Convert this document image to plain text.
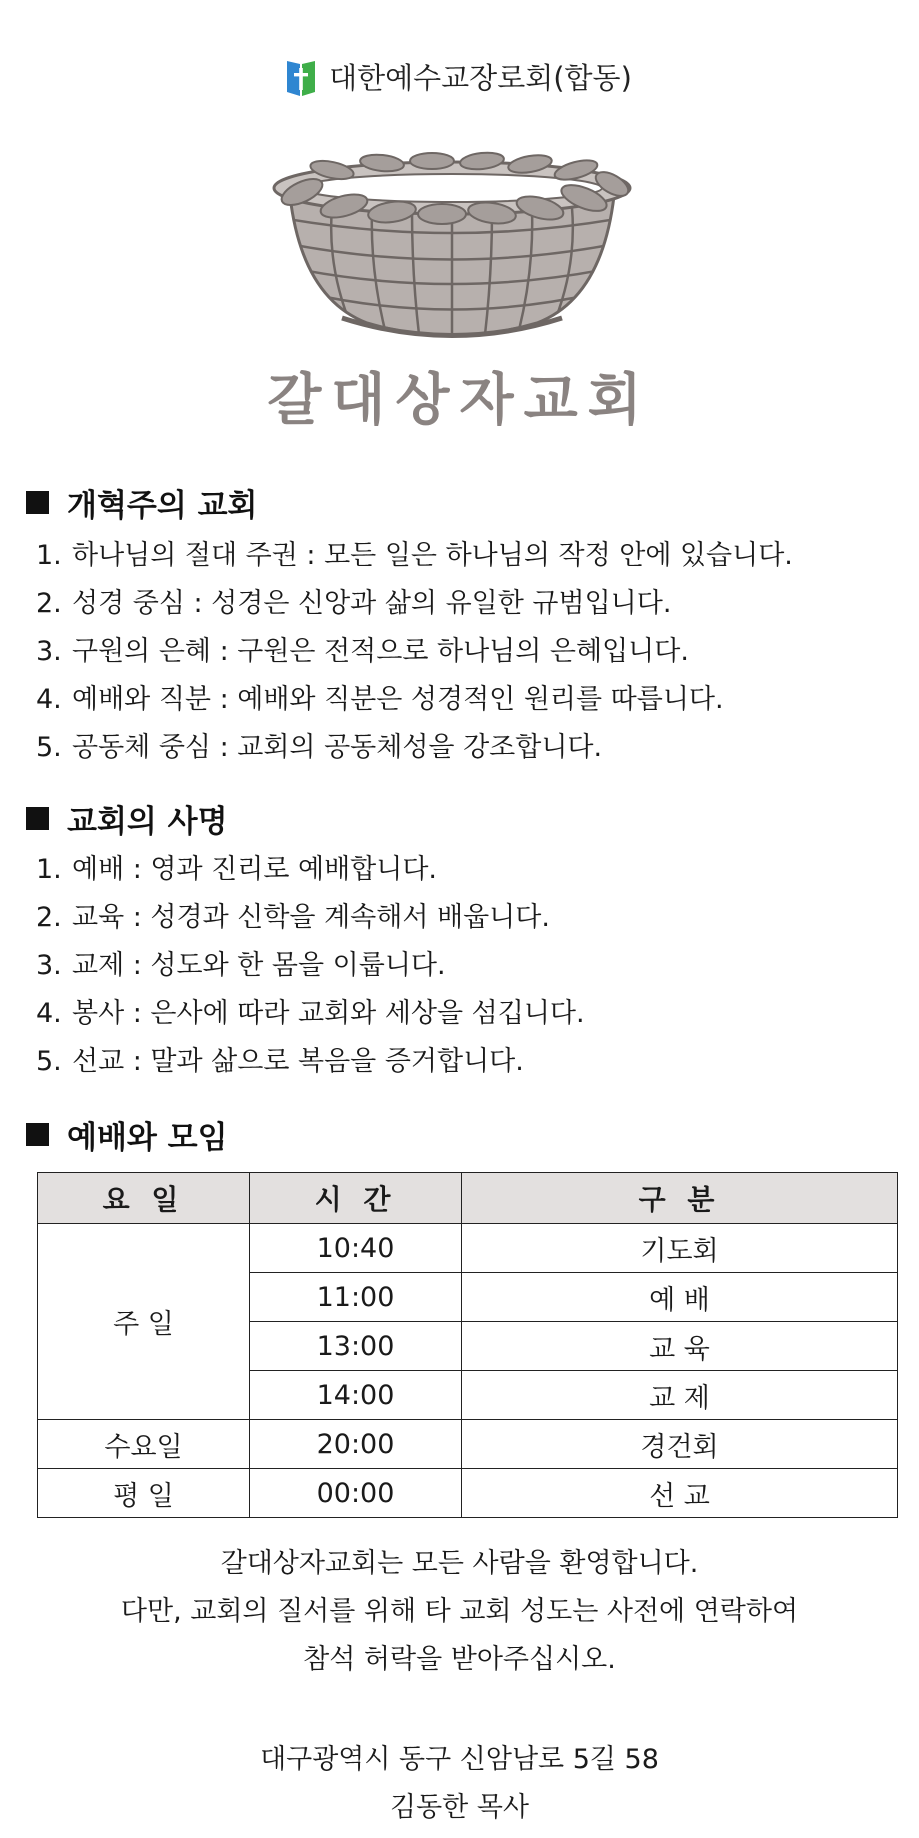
대한예수교장로회(합동)
갈대상자교회
개혁주의 교회
1. 하나님의 절대 주권 : 모든 일은 하나님의 작정 안에 있습니다.
2. 성경 중심 : 성경은 신앙과 삶의 유일한 규범입니다.
3. 구원의 은혜 : 구원은 전적으로 하나님의 은혜입니다.
4. 예배와 직분 : 예배와 직분은 성경적인 원리를 따릅니다.
5. 공동체 중심 : 교회의 공동체성을 강조합니다.
교회의 사명
1. 예배 : 영과 진리로 예배합니다.
2. 교육 : 성경과 신학을 계속해서 배웁니다.
3. 교제 : 성도와 한 몸을 이룹니다.
4. 봉사 : 은사에 따라 교회와 세상을 섬깁니다.
5. 선교 : 말과 삶으로 복음을 증거합니다.
예배와 모임
요 일	시 간	구 분
주 일	10:40	기도회
	11:00	예 배
	13:00	교 육
	14:00	교 제
수요일	20:00	경건회
평 일	00:00	선 교
갈대상자교회는 모든 사람을 환영합니다.
다만, 교회의 질서를 위해 타 교회 성도는 사전에 연락하여
참석 허락을 받아주십시오.
대구광역시 동구 신암남로 5길 58
김동한 목사
